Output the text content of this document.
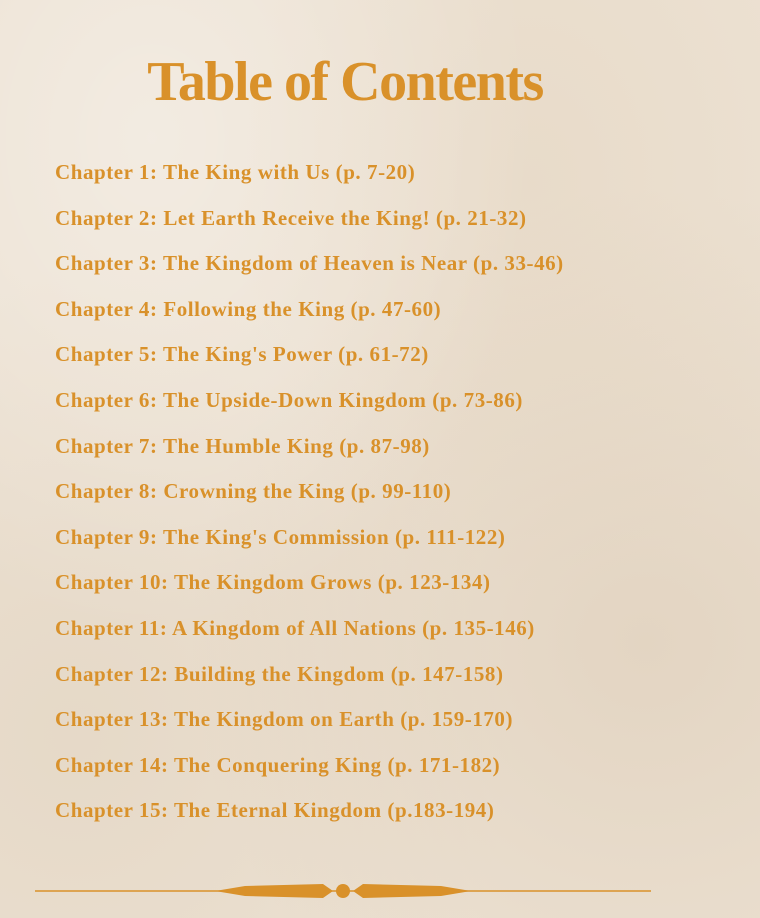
Table of Contents
Chapter 1: The King with Us (p. 7-20)
Chapter 2: Let Earth Receive the King! (p. 21-32)
Chapter 3: The Kingdom of Heaven is Near (p. 33-46)
Chapter 4: Following the King (p. 47-60)
Chapter 5: The King's Power (p. 61-72)
Chapter 6: The Upside-Down Kingdom (p. 73-86)
Chapter 7: The Humble King (p. 87-98)
Chapter 8: Crowning the King (p. 99-110)
Chapter 9: The King's Commission (p. 111-122)
Chapter 10: The Kingdom Grows (p. 123-134)
Chapter 11: A Kingdom of All Nations (p. 135-146)
Chapter 12: Building the Kingdom (p. 147-158)
Chapter 13: The Kingdom on Earth (p. 159-170)
Chapter 14: The Conquering King (p. 171-182)
Chapter 15: The Eternal Kingdom (p.183-194)
